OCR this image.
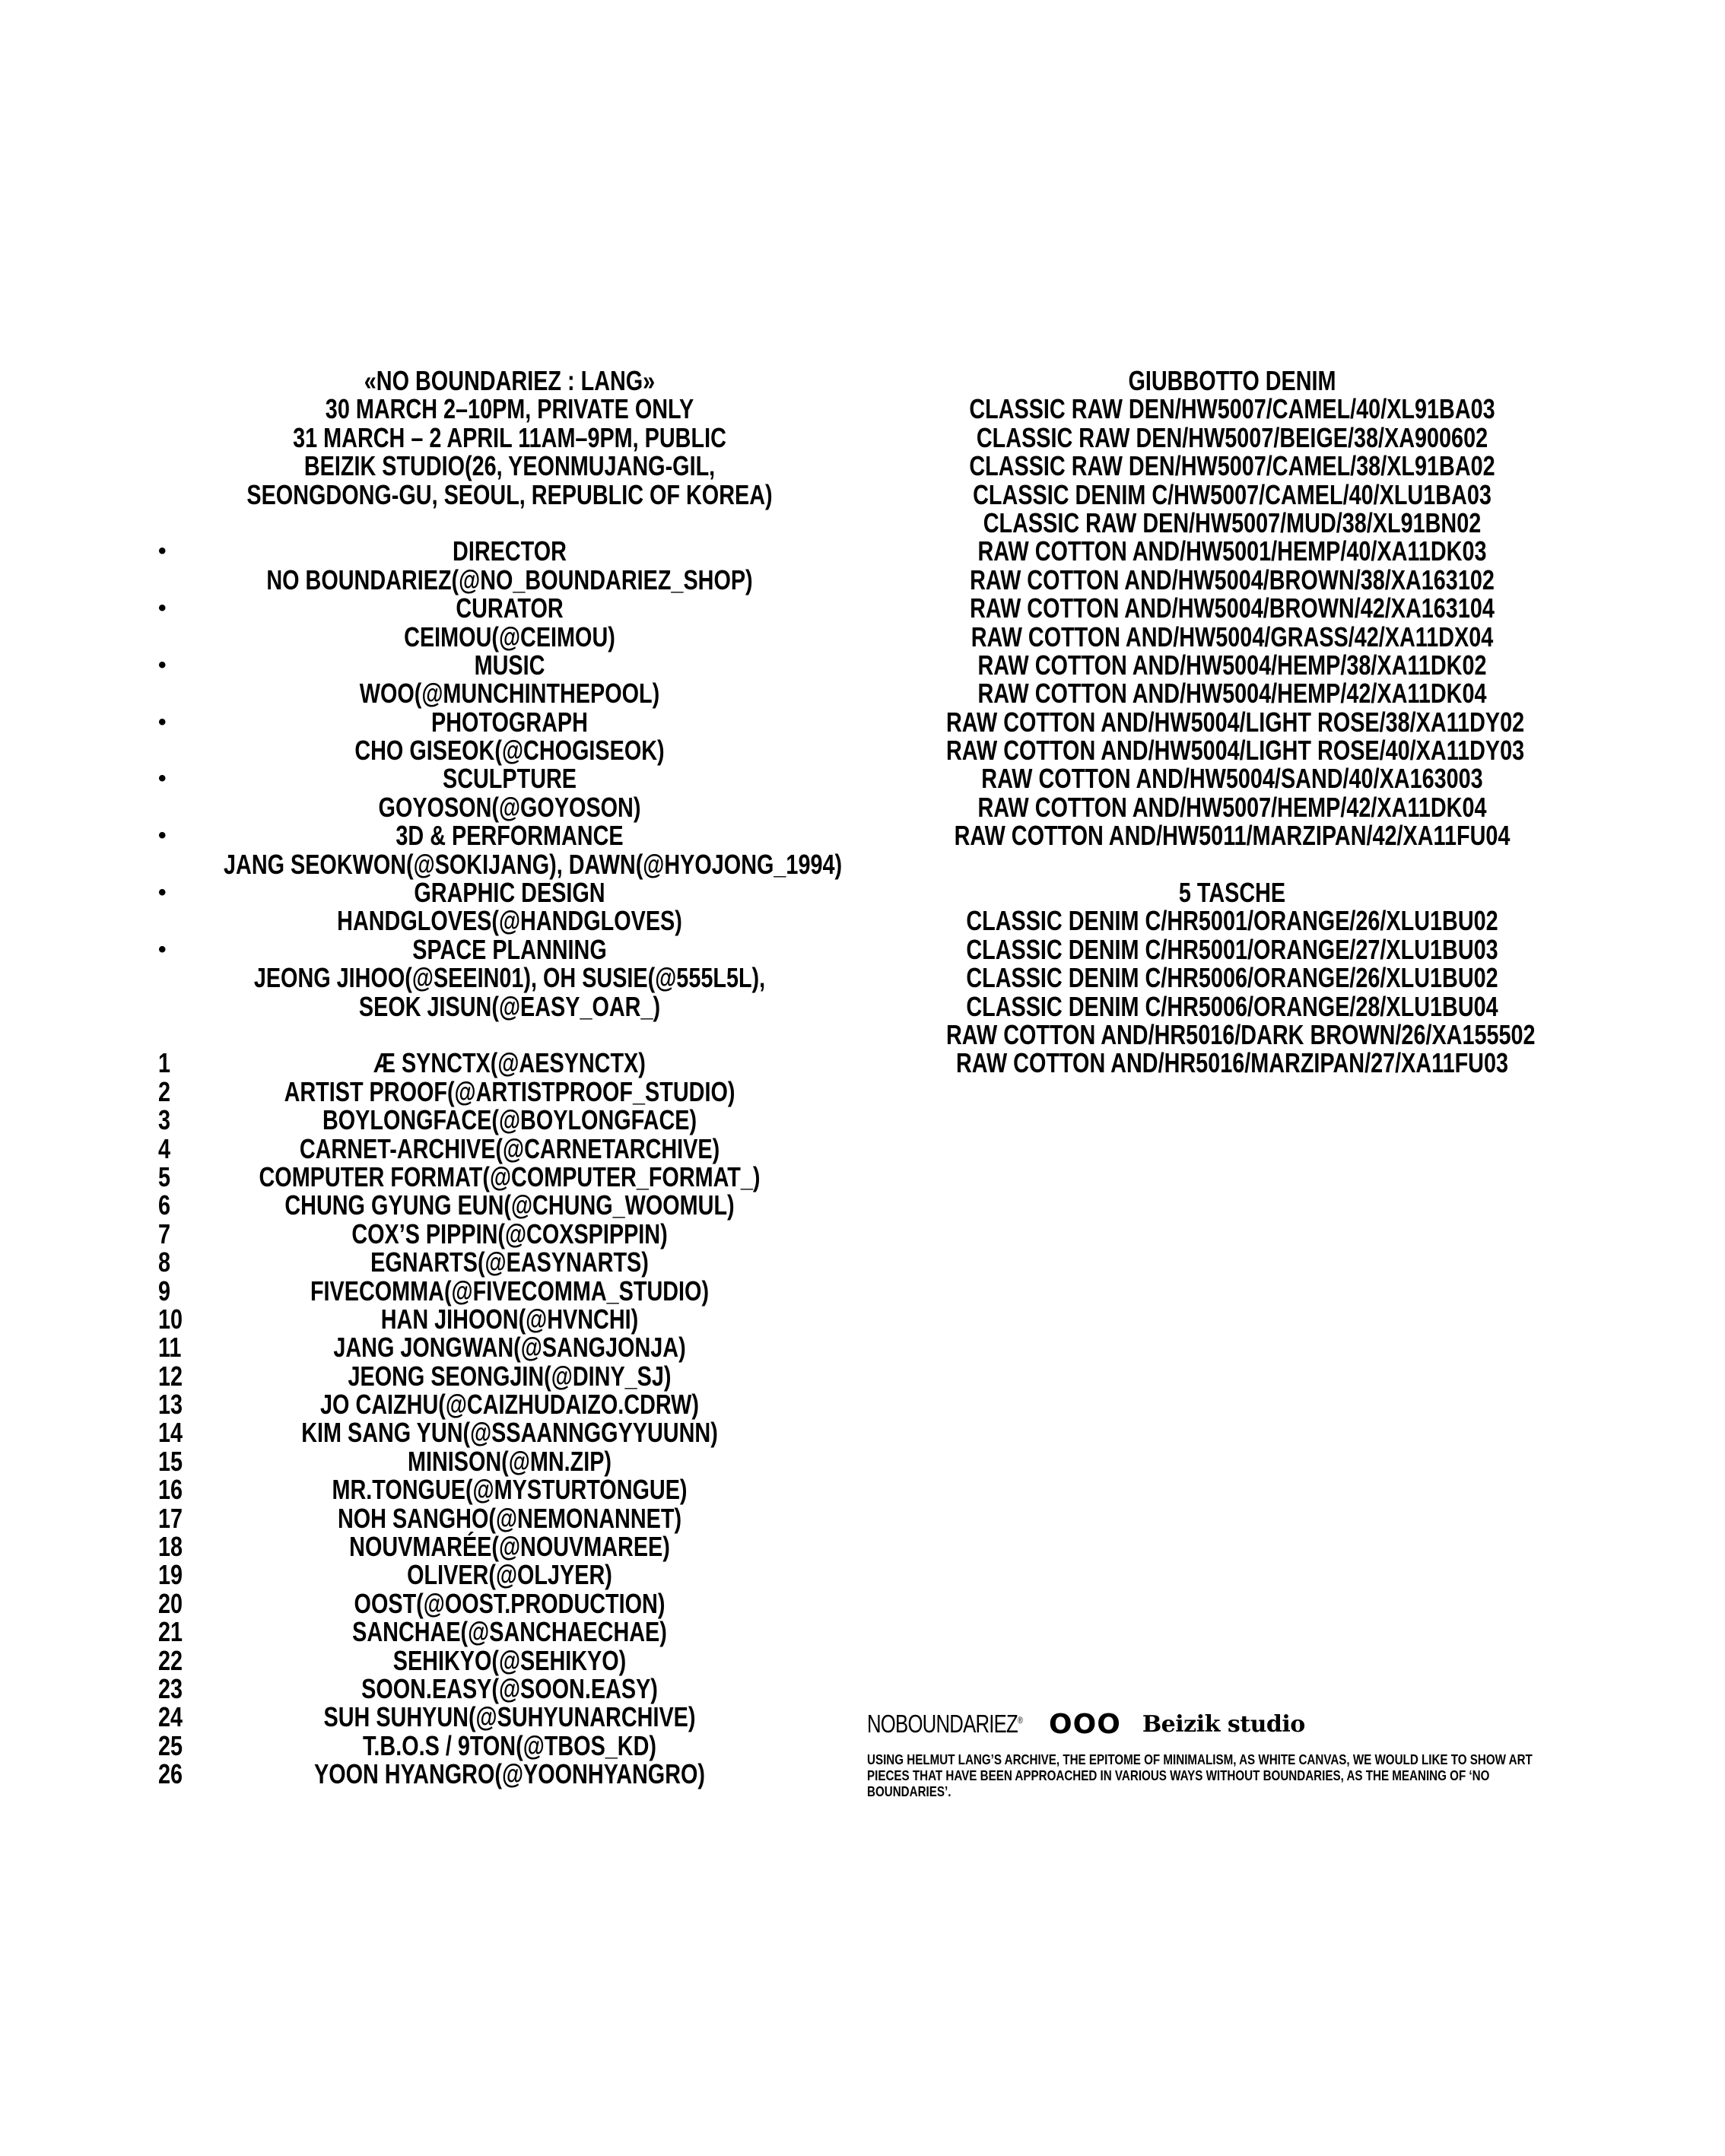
«NO BOUNDARIEZ : LANG»
30 MARCH 2–10PM, PRIVATE ONLY
31 MARCH – 2 APRIL 11AM–9PM, PUBLIC
BEIZIK STUDIO(26, YEONMUJANG-GIL,
SEONGDONG-GU, SEOUL, REPUBLIC OF KOREA)
•	DIRECTOR
NO BOUNDARIEZ(@NO_BOUNDARIEZ_SHOP)
•	CURATOR
CEIMOU(@CEIMOU)
•	MUSIC
WOO(@MUNCHINTHEPOOL)
•	PHOTOGRAPH
CHO GISEOK(@CHOGISEOK)
•	SCULPTURE
GOYOSON(@GOYOSON)
•	3D & PERFORMANCE
JANG SEOKWON(@SOKIJANG), DAWN(@HYOJONG_1994)
•	GRAPHIC DESIGN
HANDGLOVES(@HANDGLOVES)
•	SPACE PLANNING
JEONG JIHOO(@SEEIN01), OH SUSIE(@555L5L),
SEOK JISUN(@EASY_OAR_)
1	Æ SYNCTX(@AESYNCTX)
2	ARTIST PROOF(@ARTISTPROOF_STUDIO)
3	BOYLONGFACE(@BOYLONGFACE)
4	CARNET-ARCHIVE(@CARNETARCHIVE)
5	COMPUTER FORMAT(@COMPUTER_FORMAT_)
6	CHUNG GYUNG EUN(@CHUNG_WOOMUL)
7	COX’S PIPPIN(@COXSPIPPIN)
8	EGNARTS(@EASYNARTS)
9	FIVECOMMA(@FIVECOMMA_STUDIO)
10	HAN JIHOON(@HVNCHI)
11	JANG JONGWAN(@SANGJONJA)
12	JEONG SEONGJIN(@DINY_SJ)
13	JO CAIZHU(@CAIZHUDAIZO.CDRW)
14	KIM SANG YUN(@SSAANNGGYYUUNN)
15	MINISON(@MN.ZIP)
16	MR.TONGUE(@MYSTURTONGUE)
17	NOH SANGHO(@NEMONANNET)
18	NOUVMARÉE(@NOUVMAREE)
19	OLIVER(@OLJYER)
20	OOST(@OOST.PRODUCTION)
21	SANCHAE(@SANCHAECHAE)
22	SEHIKYO(@SEHIKYO)
23	SOON.EASY(@SOON.EASY)
24	SUH SUHYUN(@SUHYUNARCHIVE)
25	T.B.O.S / 9TON(@TBOS_KD)
26	YOON HYANGRO(@YOONHYANGRO)
GIUBBOTTO DENIM
CLASSIC RAW DEN/HW5007/CAMEL/40/XL91BA03
CLASSIC RAW DEN/HW5007/BEIGE/38/XA900602
CLASSIC RAW DEN/HW5007/CAMEL/38/XL91BA02
CLASSIC DENIM C/HW5007/CAMEL/40/XLU1BA03
CLASSIC RAW DEN/HW5007/MUD/38/XL91BN02
RAW COTTON AND/HW5001/HEMP/40/XA11DK03
RAW COTTON AND/HW5004/BROWN/38/XA163102
RAW COTTON AND/HW5004/BROWN/42/XA163104
RAW COTTON AND/HW5004/GRASS/42/XA11DX04
RAW COTTON AND/HW5004/HEMP/38/XA11DK02
RAW COTTON AND/HW5004/HEMP/42/XA11DK04
RAW COTTON AND/HW5004/LIGHT ROSE/38/XA11DY02
RAW COTTON AND/HW5004/LIGHT ROSE/40/XA11DY03
RAW COTTON AND/HW5004/SAND/40/XA163003
RAW COTTON AND/HW5007/HEMP/42/XA11DK04
RAW COTTON AND/HW5011/MARZIPAN/42/XA11FU04
5 TASCHE
CLASSIC DENIM C/HR5001/ORANGE/26/XLU1BU02
CLASSIC DENIM C/HR5001/ORANGE/27/XLU1BU03
CLASSIC DENIM C/HR5006/ORANGE/26/XLU1BU02
CLASSIC DENIM C/HR5006/ORANGE/28/XLU1BU04
RAW COTTON AND/HR5016/DARK BROWN/26/XA155502
RAW COTTON AND/HR5016/MARZIPAN/27/XA11FU03
NOBOUNDARIEZ® OOO Beizik studio
USING HELMUT LANG’S ARCHIVE, THE EPITOME OF MINIMALISM, AS WHITE CANVAS, WE WOULD LIKE TO SHOW ART PIECES THAT HAVE BEEN APPROACHED IN VARIOUS WAYS WITHOUT BOUNDARIES, AS THE MEANING OF ‘NO BOUNDARIES’.
